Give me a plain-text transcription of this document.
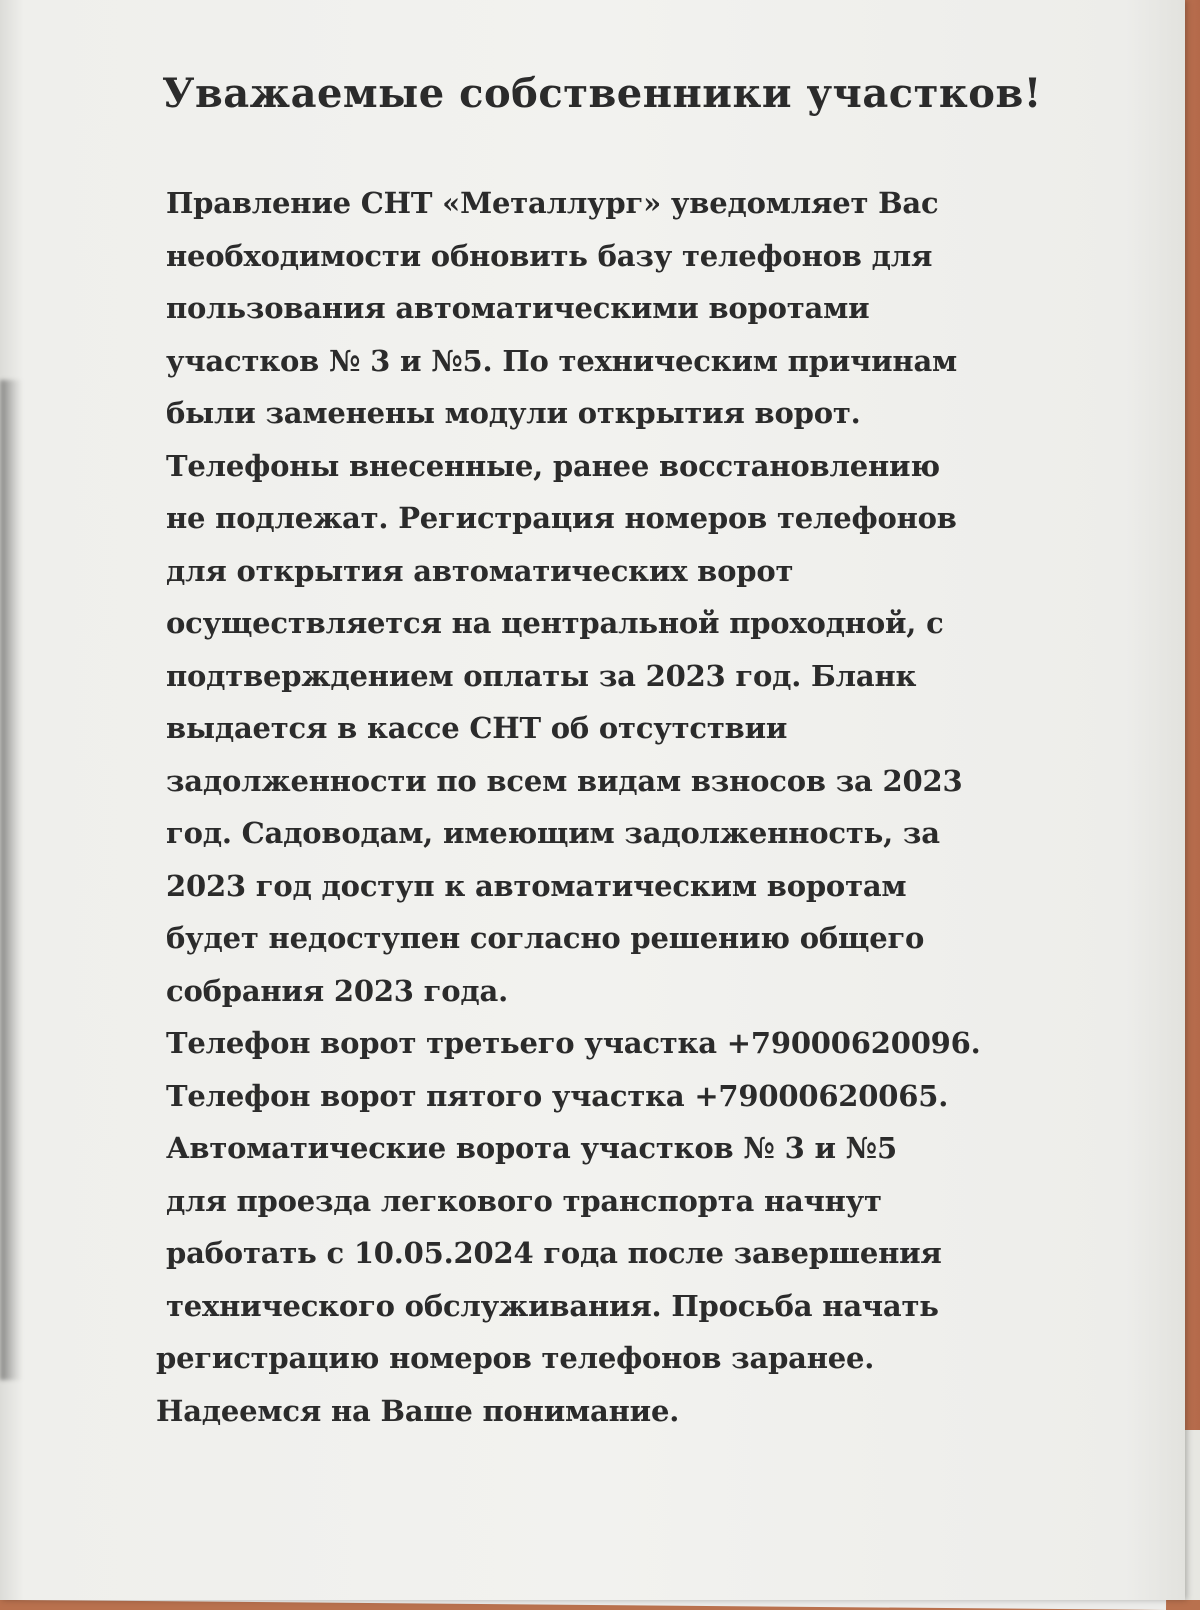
Уважаемые собственники участков!
Правление СНТ «Металлург» уведомляет Вас
необходимости обновить базу телефонов для
пользования автоматическими воротами
участков № 3 и №5. По техническим причинам
были заменены модули открытия ворот.
Телефоны внесенные, ранее восстановлению
не подлежат. Регистрация номеров телефонов
для открытия автоматических ворот
осуществляется на центральной проходной, с
подтверждением оплаты за 2023 год. Бланк
выдается в кассе СНТ об отсутствии
задолженности по всем видам взносов за 2023
год. Садоводам, имеющим задолженность, за
2023 год доступ к автоматическим воротам
будет недоступен согласно решению общего
собрания 2023 года.
Телефон ворот третьего участка +79000620096.
Телефон ворот пятого участка +79000620065.
Автоматические ворота участков № 3 и №5
для проезда легкового транспорта начнут
работать с 10.05.2024 года после завершения
технического обслуживания. Просьба начать
регистрацию номеров телефонов заранее.
Надеемся на Ваше понимание.
